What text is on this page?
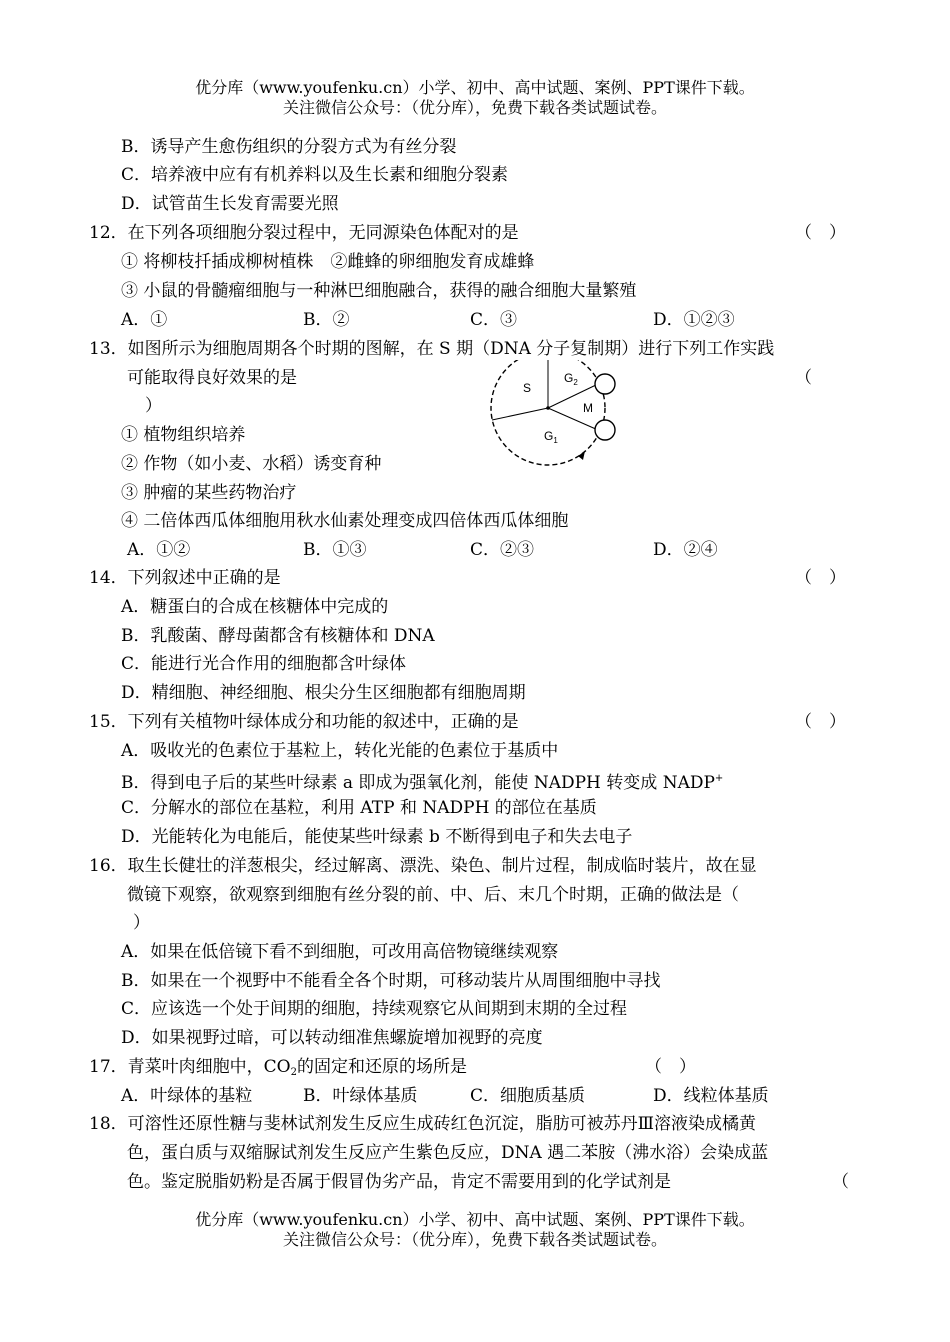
优分库（www.youfenku.cn）小学、初中、高中试题、案例、PPT课件下载。
关注微信公众号：（优分库），免费下载各类试题试卷。
B．诱导产生愈伤组织的分裂方式为有丝分裂
C．培养液中应有有机养料以及生长素和细胞分裂素
D．试管苗生长发育需要光照
12．在下列各项细胞分裂过程中，无同源染色体配对的是	（　）
① 将柳枝扦插成柳树植株　②雌蜂的卵细胞发育成雄蜂
③ 小鼠的骨髓瘤细胞与一种淋巴细胞融合，获得的融合细胞大量繁殖
A．①	B．②	C．③	D．①②③
13．如图所示为细胞周期各个时期的图解，在 S 期（DNA 分子复制期）进行下列工作实践
可能取得良好效果的是	（
）
S
$G_2$
M
$G_1$
① 植物组织培养
② 作物（如小麦、水稻）诱变育种
③ 肿瘤的某些药物治疗
④ 二倍体西瓜体细胞用秋水仙素处理变成四倍体西瓜体细胞
A．①②	B．①③	C．②③	D．②④
14．下列叙述中正确的是	（　）
A．糖蛋白的合成在核糖体中完成的
B．乳酸菌、酵母菌都含有核糖体和 DNA
C．能进行光合作用的细胞都含叶绿体
D．精细胞、神经细胞、根尖分生区细胞都有细胞周期
15．下列有关植物叶绿体成分和功能的叙述中，正确的是	（　）
A．吸收光的色素位于基粒上，转化光能的色素位于基质中
B．得到电子后的某些叶绿素 a 即成为强氧化剂，能使 NADPH 转变成 NADP+
C．分解水的部位在基粒，利用 ATP 和 NADPH 的部位在基质
D．光能转化为电能后，能使某些叶绿素 b 不断得到电子和失去电子
16．取生长健壮的洋葱根尖，经过解离、漂洗、染色、制片过程，制成临时装片，故在显
微镜下观察，欲观察到细胞有丝分裂的前、中、后、末几个时期，正确的做法是（
）
A．如果在低倍镜下看不到细胞，可改用高倍物镜继续观察
B．如果在一个视野中不能看全各个时期，可移动装片从周围细胞中寻找
C．应该选一个处于间期的细胞，持续观察它从间期到末期的全过程
D．如果视野过暗，可以转动细准焦螺旋增加视野的亮度
17．青菜叶肉细胞中，$CO_2$的固定和还原的场所是	（　）
A．叶绿体的基粒	B．叶绿体基质	C．细胞质基质	D．线粒体基质
18．可溶性还原性糖与斐林试剂发生反应生成砖红色沉淀，脂肪可被苏丹Ⅲ溶液染成橘黄
色，蛋白质与双缩脲试剂发生反应产生紫色反应，DNA 遇二苯胺（沸水浴）会染成蓝
色。鉴定脱脂奶粉是否属于假冒伪劣产品，肯定不需要用到的化学试剂是	（
优分库（www.youfenku.cn）小学、初中、高中试题、案例、PPT课件下载。
关注微信公众号：（优分库），免费下载各类试题试卷。
